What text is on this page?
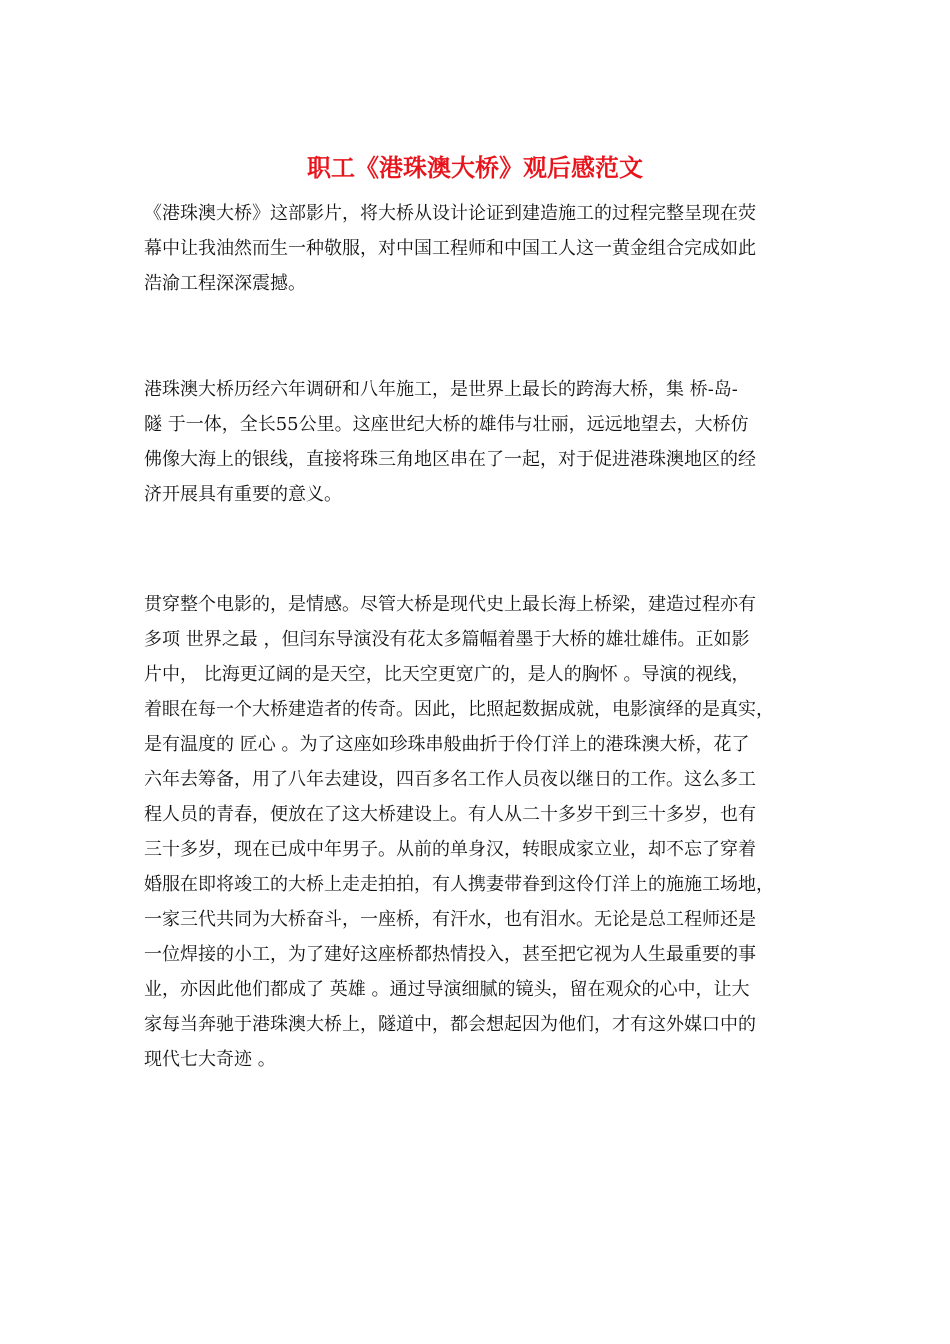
职工《港珠澳大桥》观后感范文

《港珠澳大桥》这部影片，将大桥从设计论证到建造施工的过程完整呈现在荧
幕中让我油然而生一种敬服，对中国工程师和中国工人这一黄金组合完成如此
浩渝工程深深震撼。

港珠澳大桥历经六年调研和八年施工，是世界上最长的跨海大桥，集 桥-岛-
隧 于一体，全长55公里。这座世纪大桥的雄伟与壮丽，远远地望去，大桥仿
佛像大海上的银线，直接将珠三角地区串在了一起，对于促进港珠澳地区的经
济开展具有重要的意义。

贯穿整个电影的，是情感。尽管大桥是现代史上最长海上桥梁，建造过程亦有
多项 世界之最 ，但闫东导演没有花太多篇幅着墨于大桥的雄壮雄伟。正如影
片中， 比海更辽阔的是天空，比天空更宽广的，是人的胸怀 。导演的视线，
着眼在每一个大桥建造者的传奇。因此，比照起数据成就，电影演绎的是真实，
是有温度的 匠心 。为了这座如珍珠串般曲折于伶仃洋上的港珠澳大桥，花了
六年去筹备，用了八年去建设，四百多名工作人员夜以继日的工作。这么多工
程人员的青春，便放在了这大桥建设上。有人从二十多岁干到三十多岁，也有
三十多岁，现在已成中年男子。从前的单身汉，转眼成家立业，却不忘了穿着
婚服在即将竣工的大桥上走走拍拍，有人携妻带眷到这伶仃洋上的施施工场地，
一家三代共同为大桥奋斗，一座桥，有汗水，也有泪水。无论是总工程师还是
一位焊接的小工，为了建好这座桥都热情投入，甚至把它视为人生最重要的事
业，亦因此他们都成了 英雄 。通过导演细腻的镜头，留在观众的心中，让大
家每当奔驰于港珠澳大桥上，隧道中，都会想起因为他们，才有这外媒口中的
现代七大奇迹 。
